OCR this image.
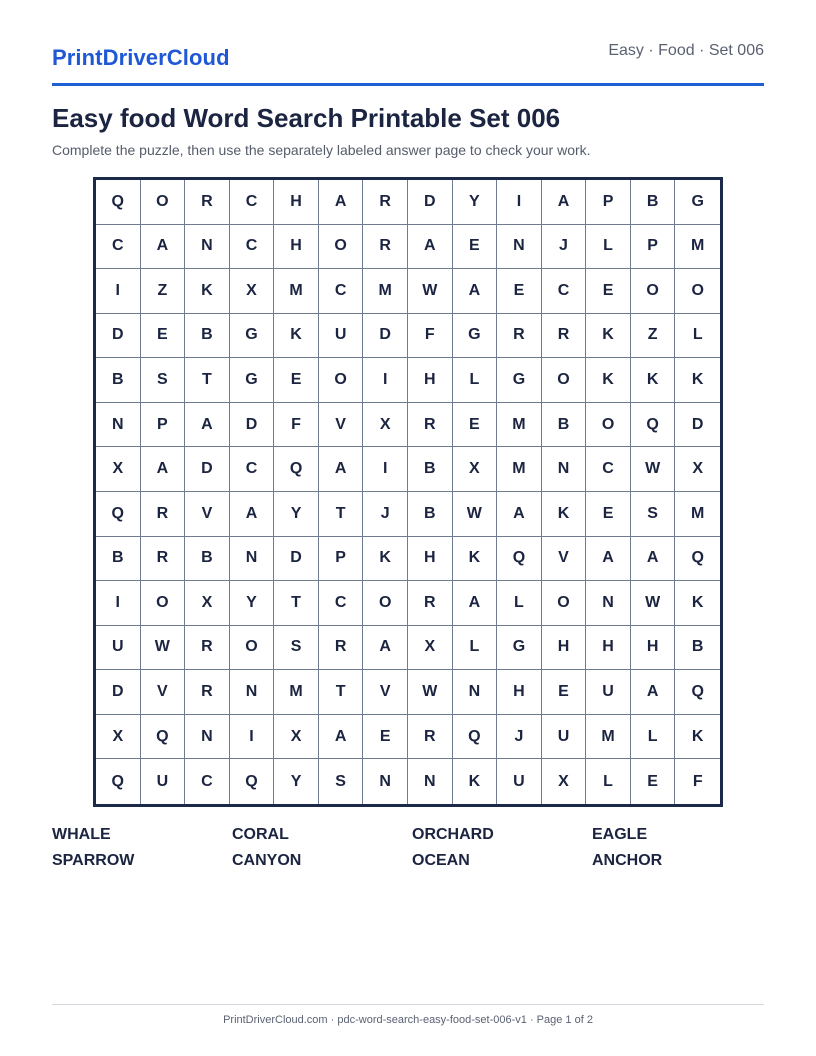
PrintDriverCloud	Easy · Food · Set 006
Easy food Word Search Printable Set 006

Complete the puzzle, then use the separately labeled answer page to check your work.

Q	O	R	C	H	A	R	D	Y	I	A	P	B	G
C	A	N	C	H	O	R	A	E	N	J	L	P	M
I	Z	K	X	M	C	M	W	A	E	C	E	O	O
D	E	B	G	K	U	D	F	G	R	R	K	Z	L
B	S	T	G	E	O	I	H	L	G	O	K	K	K
N	P	A	D	F	V	X	R	E	M	B	O	Q	D
X	A	D	C	Q	A	I	B	X	M	N	C	W	X
Q	R	V	A	Y	T	J	B	W	A	K	E	S	M
B	R	B	N	D	P	K	H	K	Q	V	A	A	Q
I	O	X	Y	T	C	O	R	A	L	O	N	W	K
U	W	R	O	S	R	A	X	L	G	H	H	H	B
D	V	R	N	M	T	V	W	N	H	E	U	A	Q
X	Q	N	I	X	A	E	R	Q	J	U	M	L	K
Q	U	C	Q	Y	S	N	N	K	U	X	L	E	F
WHALE	CORAL	ORCHARD	EAGLE
SPARROW	CANYON	OCEAN	ANCHOR
PrintDriverCloud.com · pdc-word-search-easy-food-set-006-v1 · Page 1 of 2
